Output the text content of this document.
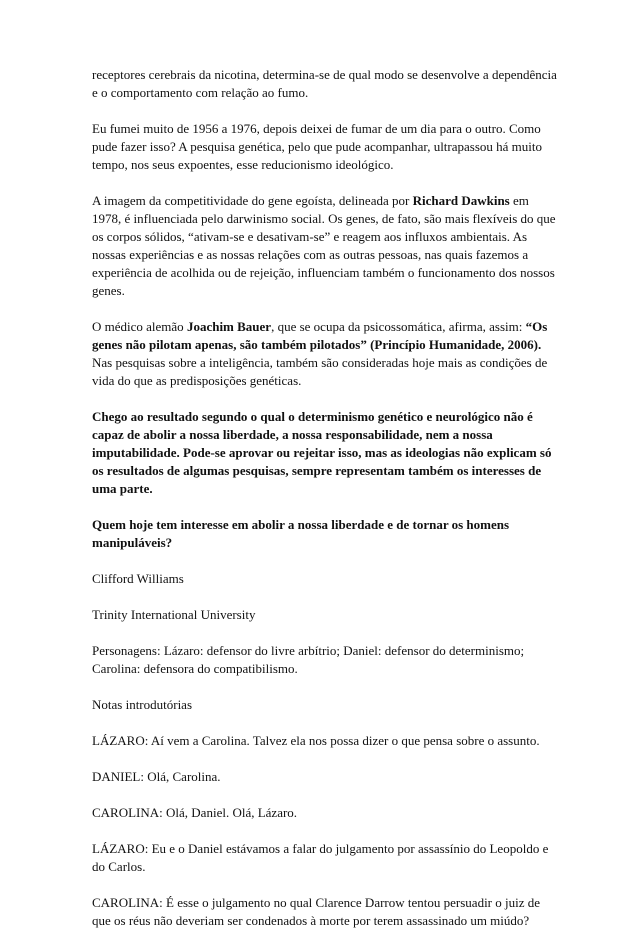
receptores cerebrais da nicotina, determina-se de qual modo se desenvolve a dependência e o comportamento com relação ao fumo.

Eu fumei muito de 1956 a 1976, depois deixei de fumar de um dia para o outro. Como pude fazer isso? A pesquisa genética, pelo que pude acompanhar, ultrapassou há muito tempo, nos seus expoentes, esse reducionismo ideológico.

A imagem da competitividade do gene egoísta, delineada por Richard Dawkins em 1978, é influenciada pelo darwinismo social. Os genes, de fato, são mais flexíveis do que os corpos sólidos, “ativam-se e desativam-se” e reagem aos influxos ambientais. As nossas experiências e as nossas relações com as outras pessoas, nas quais fazemos a experiência de acolhida ou de rejeição, influenciam também o funcionamento dos nossos genes.

O médico alemão Joachim Bauer, que se ocupa da psicossomática, afirma, assim: “Os genes não pilotam apenas, são também pilotados” (Princípio Humanidade, 2006). Nas pesquisas sobre a inteligência, também são consideradas hoje mais as condições de vida do que as predisposições genéticas.

Chego ao resultado segundo o qual o determinismo genético e neurológico não é capaz de abolir a nossa liberdade, a nossa responsabilidade, nem a nossa imputabilidade. Pode-se aprovar ou rejeitar isso, mas as ideologias não explicam só os resultados de algumas pesquisas, sempre representam também os interesses de uma parte.

Quem hoje tem interesse em abolir a nossa liberdade e de tornar os homens manipuláveis?

Clifford Williams

Trinity International University

Personagens: Lázaro: defensor do livre arbítrio; Daniel: defensor do determinismo; Carolina: defensora do compatibilismo.

Notas introdutórias

LÁZARO: Aí vem a Carolina. Talvez ela nos possa dizer o que pensa sobre o assunto.

DANIEL: Olá, Carolina.

CAROLINA: Olá, Daniel. Olá, Lázaro.

LÁZARO: Eu e o Daniel estávamos a falar do julgamento por assassínio do Leopoldo e do Carlos.

CAROLINA: É esse o julgamento no qual Clarence Darrow tentou persuadir o juiz de que os réus não deveriam ser condenados à morte por terem assassinado um miúdo?
